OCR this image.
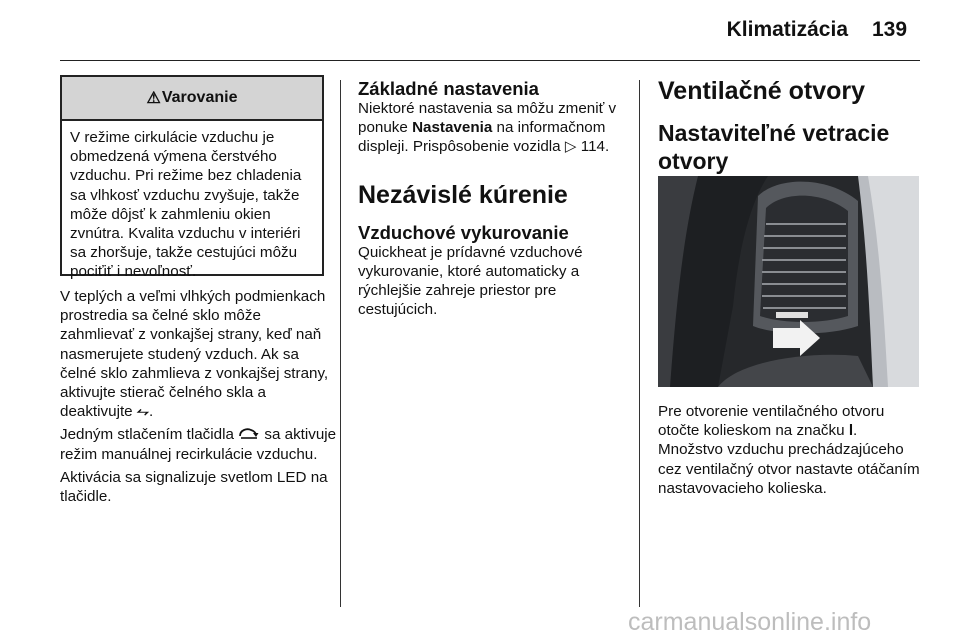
Klimatizácia 139
⚠ Varovanie
V režime cirkulácie vzduchu je obmedzená výmena čerstvého vzduchu. Pri režime bez chladenia sa vlhkosť vzduchu zvyšuje, takže môže dôjsť k zahmleniu okien zvnútra. Kvalita vzduchu v interiéri sa zhoršuje, takže cestujúci môžu pociťiť i nevoľnosť.

V teplých a veľmi vlhkých podmienkach prostredia sa čelné sklo môže zahmlievať z vonkajšej strany, keď naň nasmerujete studený vzduch. Ak sa čelné sklo zahmlieva z vonkajšej strany, aktivujte stierač čelného skla a deaktivujte ⥊.

Jedným stlačením tlačidla sa aktivuje režim manuálnej recirkulácie vzduchu.

Aktivácia sa signalizuje svetlom LED na tlačidle.

Základné nastavenia

Niektoré nastavenia sa môžu zmeniť v ponuke Nastavenia na informačnom displeji. Prispôsobenie vozidla ▷ 114.

Nezávislé kúrenie

Vzduchové vykurovanie

Quickheat je prídavné vzduchové vykurovanie, ktoré automaticky a rýchlejšie zahreje priestor pre cestujúcich.

Ventilačné otvory

Nastaviteľné vetracie otvory

Pre otvorenie ventilačného otvoru otočte kolieskom na značku l. Množstvo vzduchu prechádzajúceho cez ventilačný otvor nastavte otáčaním nastavovacieho kolieska.

carmanualsonline.info
